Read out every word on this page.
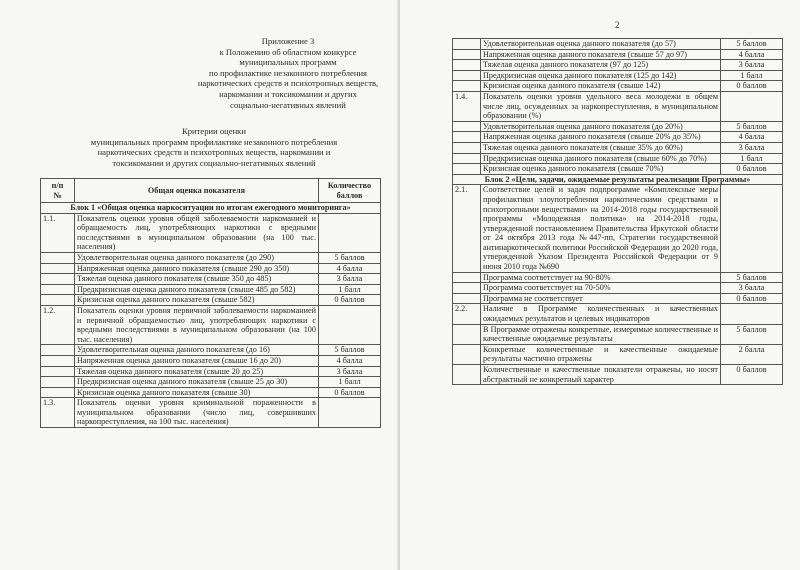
Приложение 3
к Положению об областном конкурсе
муниципальных программ
по профилактике незаконного потребления
наркотических средств и психотропных веществ,
наркомании и токсикомании и других
социально-негативных явлений
Критерии оценки
муниципальных программ профилактике незаконного потребления
наркотических средств и психотропных веществ, наркомании и
токсикомании и других социально-негативных явлений
п/п
№	Общая оценка показателя	Количество баллов
Блок 1 «Общая оценка наркоситуации по итогам ежегодного мониторинга»		
1.1.	Показатель оценки уровня общей заболеваемости наркоманией и обращаемость лиц, употребляющих наркотики с вредными последствиями в муниципальном образовании (на 100 тыс. населения)	
	Удовлетворительная оценка данного показателя (до 290)	5 баллов
	Напряженная оценка данного показателя (свыше 290 до 350)	4 балла
	Тяжелая оценка данного показателя (свыше 350 до 485)	3 балла
	Предкризисная оценка данного показателя (свыше 485 до 582)	1 балл
	Кризисная оценка данного показателя (свыше 582)	0 баллов
1.2.	Показатель оценки уровня первичной заболеваемости наркоманией и первичной обращаемостью лиц, употребляющих наркотики с вредными последствиями в муниципальном образовании (на 100 тыс. населения)	
	Удовлетворительная оценка данного показателя (до 16)	5 баллов
	Напряженная оценка данного показателя (свыше 16 до 20)	4 балла
	Тяжелая оценка данного показателя (свыше 20 до 25)	3 балла
	Предкризисная оценка данного показателя (свыше 25 до 30)	1 балл
	Кризисная оценка данного показателя (свыше 30)	0 баллов
1.3.	Показатель оценки уровня криминальной пораженности в муниципальном образовании (число лиц, совершивших наркопреступления, на 100 тыс. населения)	
2
	Удовлетворительная оценка данного показателя (до 57)	5 баллов
	Напряженная оценка данного показателя (свыше 57 до 97)	4 балла
	Тяжелая оценка данного показателя (97 до 125)	3 балла
	Предкризисная оценка данного показателя (125 до 142)	1 балл
	Кризисная оценка данного показателя (свыше 142)	0 баллов
1.4.	Показатель оценки уровня удельного веса молодежи в общем числе лиц, осужденных за наркопреступления, в муниципальном образовании (%)	
	Удовлетворительная оценка данного показателя (до 20%)	5 баллов
	Напряженная оценка данного показателя (свыше 20% до 35%)	4 балла
	Тяжелая оценка данного показателя (свыше 35% до 60%)	3 балла
	Предкризисная оценка данного показателя (свыше 60% до 70%)	1 балл
	Кризисная оценка данного показателя (свыше 70%)	0 баллов
Блок 2 «Цели, задачи, ожидаемые результаты реализации Программы»		
2.1.	Соответствие целей и задач подпрограмме «Комплексные меры профилактики злоупотребления наркотическими средствами и психотропными веществами» на 2014-2018 годы государственной программы «Молодежная политика» на 2014-2018 годы, утвержденной постановлением Правительства Иркутской области от 24 октября 2013 года №447-пп, Стратегии государственной антинаркотической политики Российской Федерации до 2020 года, утвержденной Указом Президента Российской Федерации от 9 июня 2010 года №690	
	Программа соответствует на 90-80%	5 баллов
	Программа соответствует на 70-50%	3 балла
	Программа не соответствует	0 баллов
2.2.	Наличие в Программе количественных и качественных ожидаемых результатов и целевых индикаторов	
	В Программе отражены конкретные, измеримые количественные и качественные ожидаемые результаты	5 баллов
	Конкретные количественные и качественные ожидаемые результаты частично отражены	2 балла
	Количественные и качественные показатели отражены, но носят абстрактный не конкретный характер	0 баллов
